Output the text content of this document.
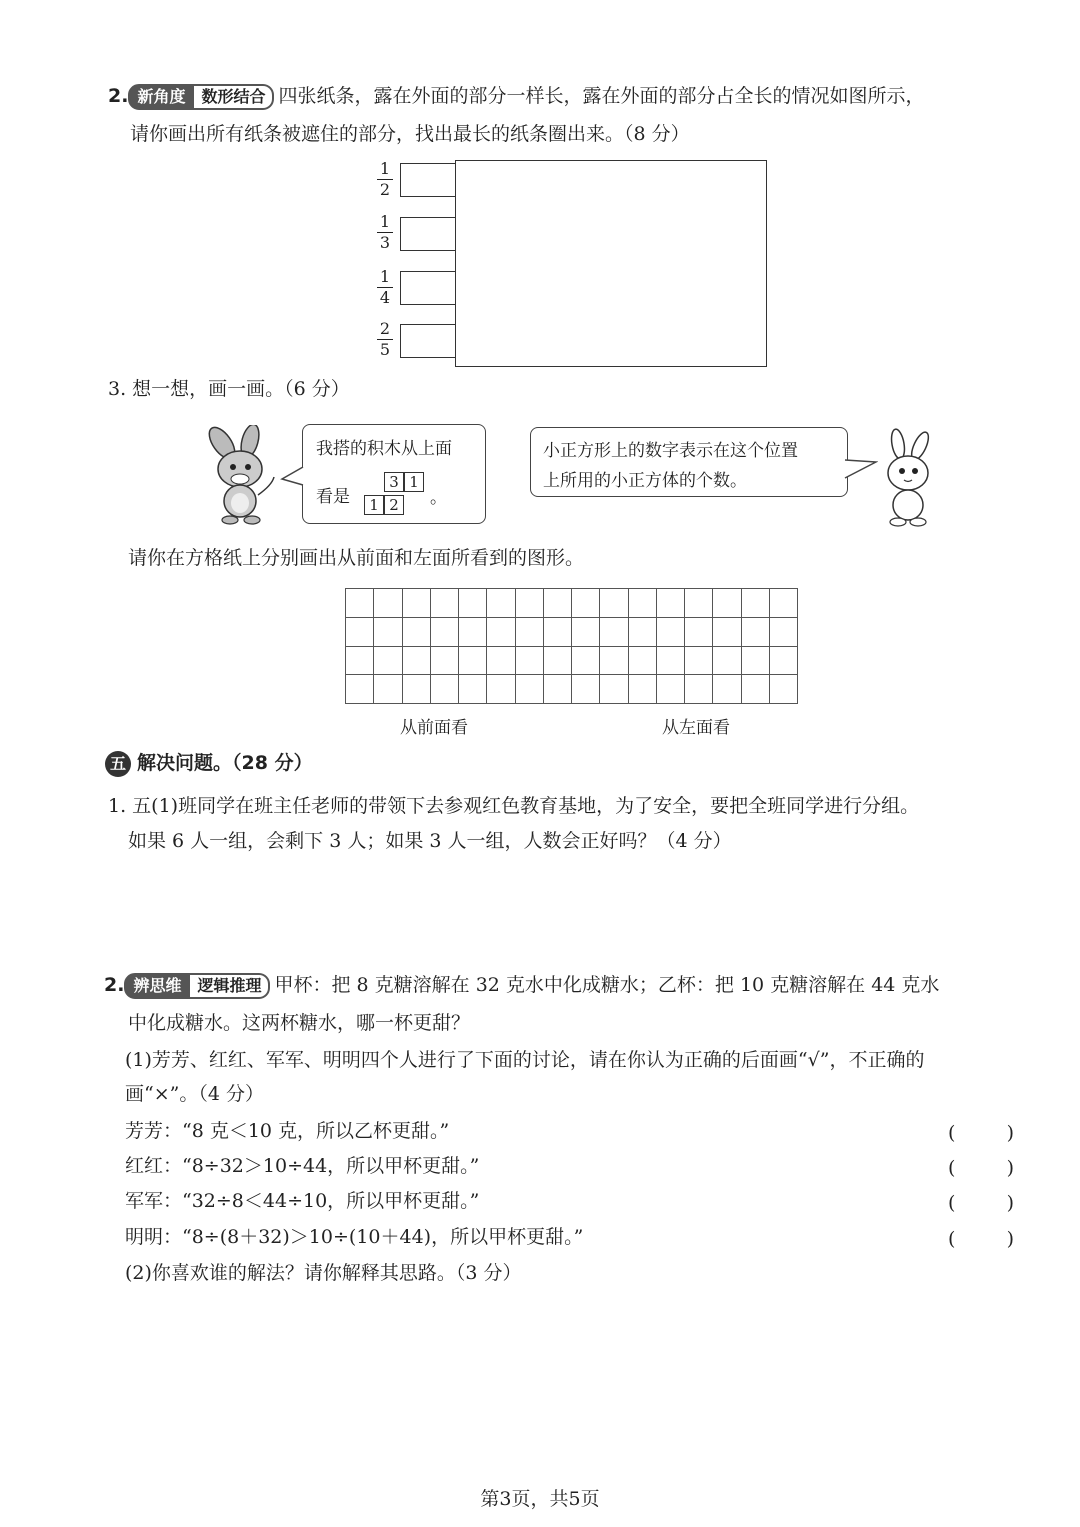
2. 新角度 数形结合 四张纸条，露在外面的部分一样长，露在外面的部分占全长的情况如图所示，
请你画出所有纸条被遮住的部分，找出最长的纸条圈出来。（8 分）
1
2
1
3
1
4
2
5
3. 想一想，画一画。（6 分）
我搭的积木从上面
看是
3 1
1 2	。
小正方形上的数字表示在这个位置
上所用的小正方体的个数。
请你在方格纸上分别画出从前面和左面所看到的图形。
从前面看	从左面看
五 解决问题。（28 分）
1. 五(1)班同学在班主任老师的带领下去参观红色教育基地，为了安全，要把全班同学进行分组。
如果 6 人一组，会剩下 3 人；如果 3 人一组，人数会正好吗？（4 分）
2. 辨思维 逻辑推理 甲杯：把 8 克糖溶解在 32 克水中化成糖水；乙杯：把 10 克糖溶解在 44 克水
中化成糖水。这两杯糖水，哪一杯更甜？
(1)芳芳、红红、军军、明明四个人进行了下面的讨论，请在你认为正确的后面画“√”，不正确的
画“×”。（4 分）
芳芳：“8 克＜10 克，所以乙杯更甜。”	(	)
红红：“8÷32＞10÷44，所以甲杯更甜。”	(	)
军军：“32÷8＜44÷10，所以甲杯更甜。”	(	)
明明：“8÷(8＋32)＞10÷(10＋44)，所以甲杯更甜。”	(	)
(2)你喜欢谁的解法？请你解释其思路。（3 分）
第3页，共5页
